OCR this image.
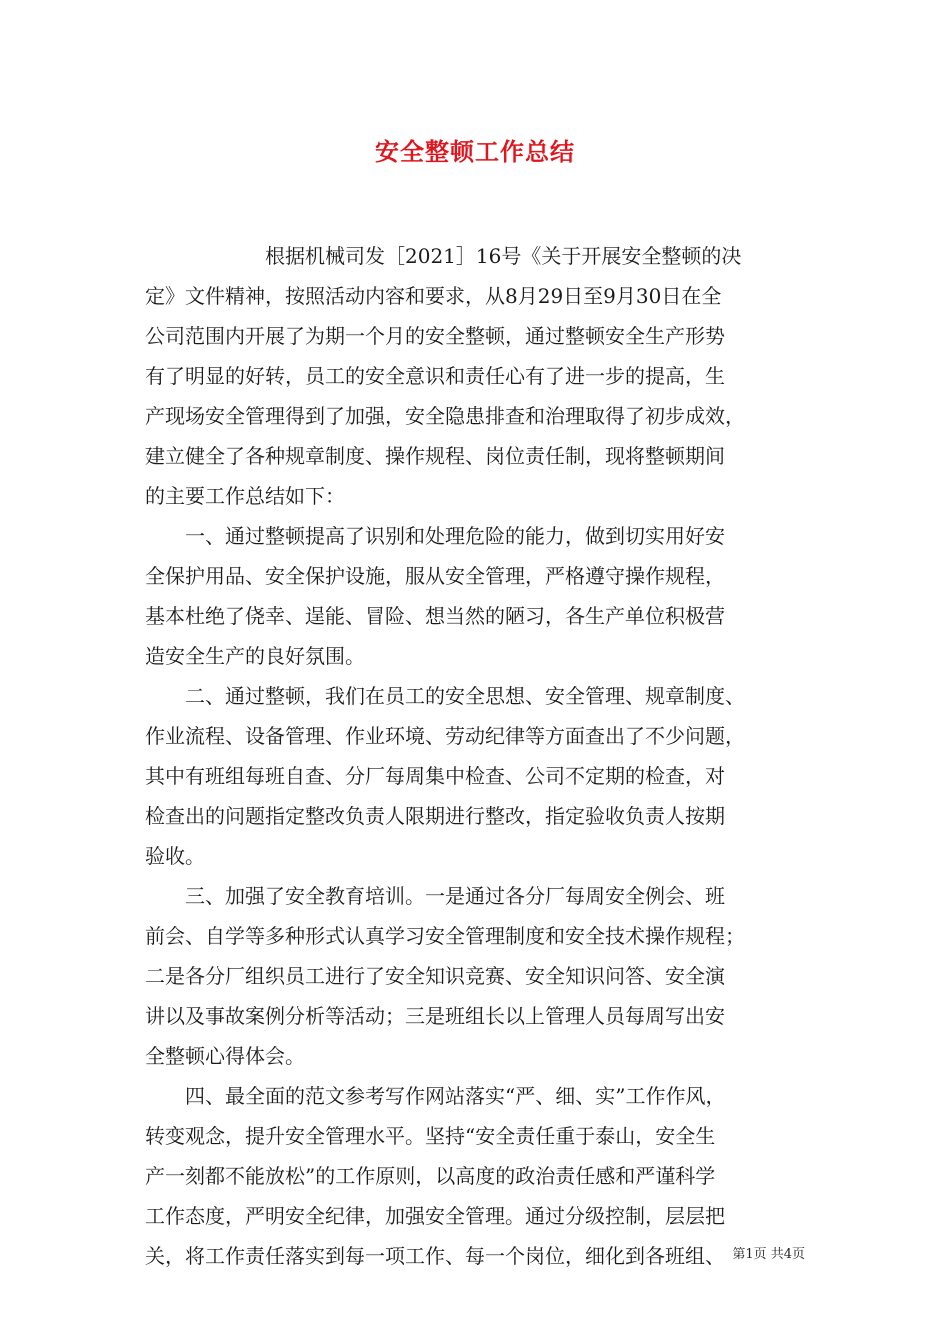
安全整顿工作总结
　　　　　　根据机械司发［2021］16号《关于开展安全整顿的决
定》文件精神，按照活动内容和要求，从8月29日至9月30日在全
公司范围内开展了为期一个月的安全整顿，通过整顿安全生产形势
有了明显的好转，员工的安全意识和责任心有了进一步的提高，生
产现场安全管理得到了加强，安全隐患排查和治理取得了初步成效，
建立健全了各种规章制度、操作规程、岗位责任制，现将整顿期间
的主要工作总结如下：
　　一、通过整顿提高了识别和处理危险的能力，做到切实用好安
全保护用品、安全保护设施，服从安全管理，严格遵守操作规程，
基本杜绝了侥幸、逞能、冒险、想当然的陋习，各生产单位积极营
造安全生产的良好氛围。
　　二、通过整顿，我们在员工的安全思想、安全管理、规章制度、
作业流程、设备管理、作业环境、劳动纪律等方面查出了不少问题，
其中有班组每班自查、分厂每周集中检查、公司不定期的检查，对
检查出的问题指定整改负责人限期进行整改，指定验收负责人按期
验收。
　　三、加强了安全教育培训。一是通过各分厂每周安全例会、班
前会、自学等多种形式认真学习安全管理制度和安全技术操作规程；
二是各分厂组织员工进行了安全知识竞赛、安全知识问答、安全演
讲以及事故案例分析等活动；三是班组长以上管理人员每周写出安
全整顿心得体会。
　　四、最全面的范文参考写作网站落实“严、细、实”工作作风，
转变观念，提升安全管理水平。坚持“安全责任重于泰山，安全生
产一刻都不能放松”的工作原则，以高度的政治责任感和严谨科学
工作态度，严明安全纪律，加强安全管理。通过分级控制，层层把
关，将工作责任落实到每一项工作、每一个岗位，细化到各班组、 第1页 共4页
